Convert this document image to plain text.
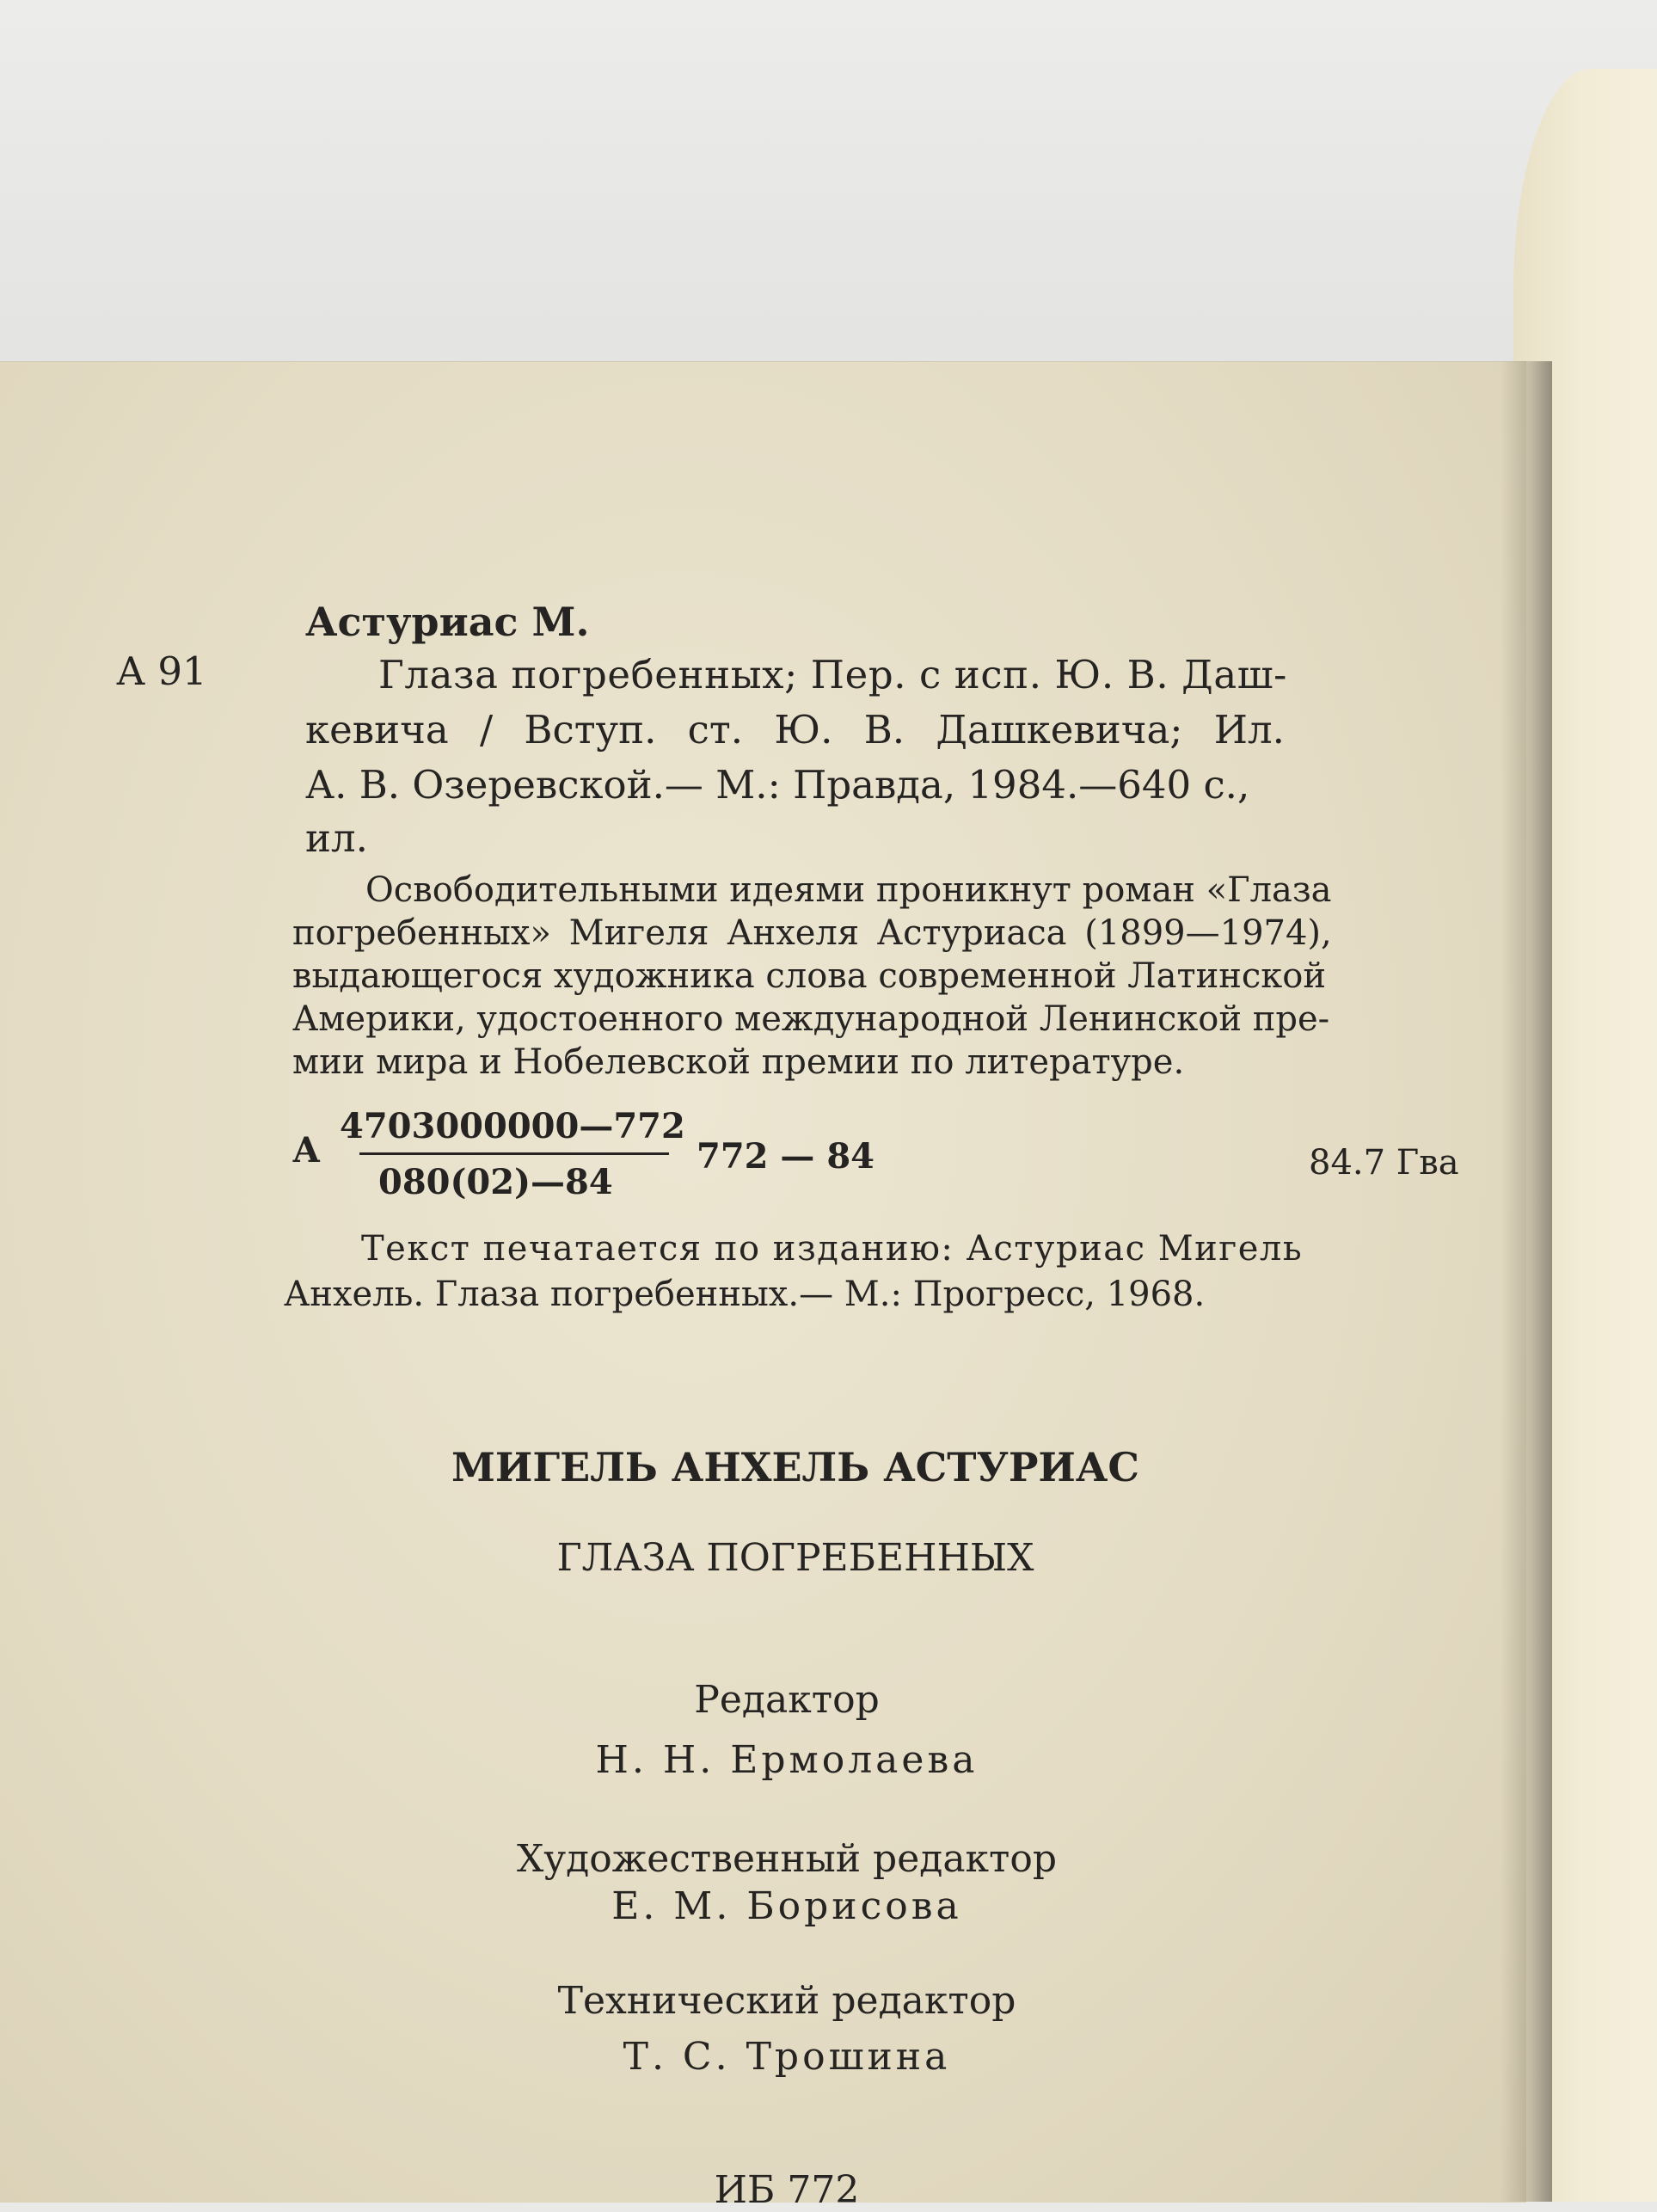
Астуриас М.
А 91	Глаза погребенных; Пер. с исп. Ю. В. Даш-
кевича / Вступ. ст. Ю. В. Дашкевича; Ил.
А. В. Озеревской.— М.: Правда, 1984.—640 с.,
ил.
Освободительными идеями проникнут роман «Глаза
погребенных» Мигеля Анхеля Астуриаса (1899—1974),
выдающегося художника слова современной Латинской
Америки, удостоенного международной Ленинской пре-
мии мира и Нобелевской премии по литературе.
А
4703000000—772
080(02)—84
772 — 84	84.7 Гва
Текст печатается по изданию: Астуриас Мигель
Анхель. Глаза погребенных.— М.: Прогресс, 1968.
МИГЕЛЬ АНХЕЛЬ АСТУРИАС
ГЛАЗА ПОГРЕБЕННЫХ
Редактор
Н. Н. Ермолаева
Художественный редактор
Е. М. Борисова
Технический редактор
Т. С. Трошина
ИБ 772
